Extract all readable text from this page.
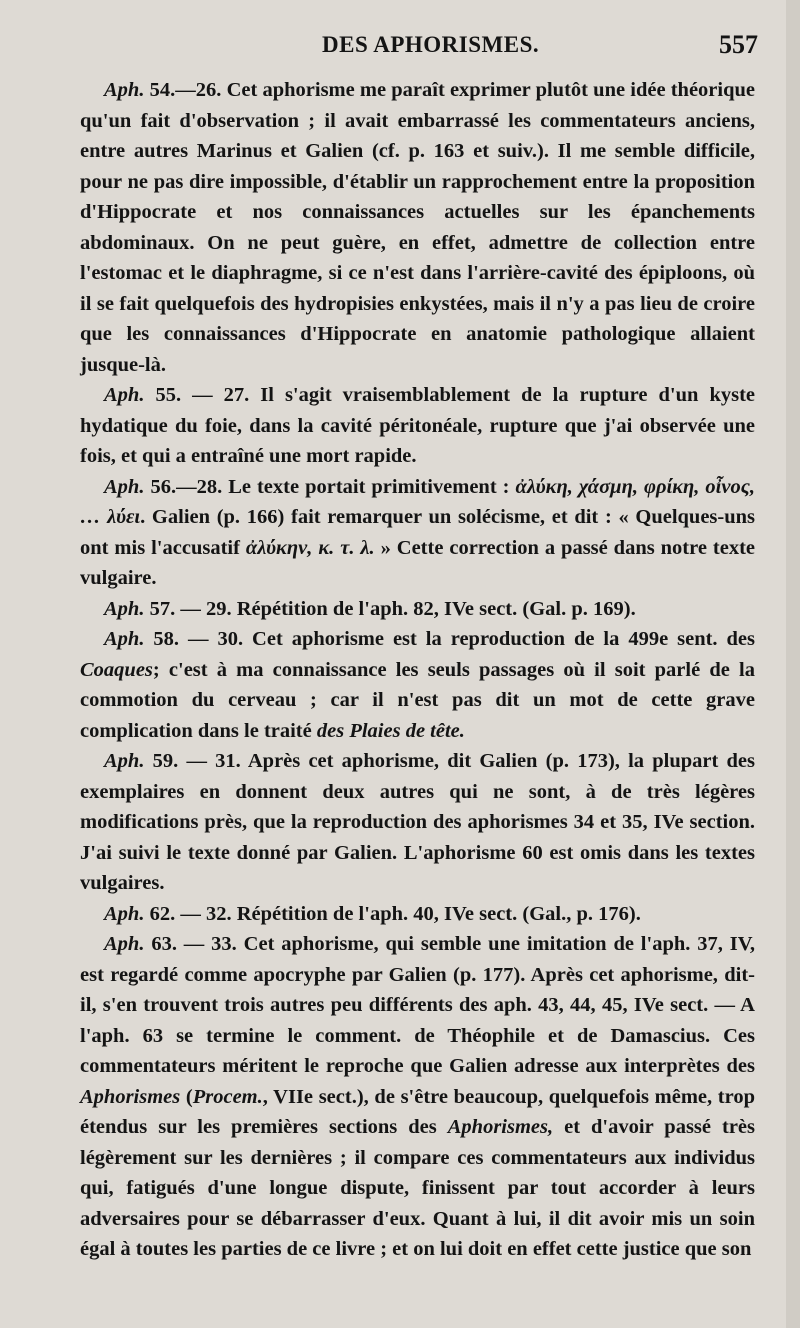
DES APHORISMES.	557

Aph. 54.—26. Cet aphorisme me paraît exprimer plutôt une idée théorique qu'un fait d'observation ; il avait embarrassé les commentateurs anciens, entre autres Marinus et Galien (cf. p. 163 et suiv.). Il me semble difficile, pour ne pas dire impossible, d'établir un rapprochement entre la proposition d'Hippocrate et nos connaissances actuelles sur les épanchements abdominaux. On ne peut guère, en effet, admettre de collection entre l'estomac et le diaphragme, si ce n'est dans l'arrière-cavité des épiploons, où il se fait quelquefois des hydropisies enkystées, mais il n'y a pas lieu de croire que les connaissances d'Hippocrate en anatomie pathologique allaient jusque-là.

Aph. 55. — 27. Il s'agit vraisemblablement de la rupture d'un kyste hydatique du foie, dans la cavité péritonéale, rupture que j'ai observée une fois, et qui a entraîné une mort rapide.

Aph. 56.—28. Le texte portait primitivement : ἀλύκη, χάσμη, φρίκη, οἶνος, … λύει. Galien (p. 166) fait remarquer un solécisme, et dit : « Quelques-uns ont mis l'accusatif ἀλύκην, κ. τ. λ. » Cette correction a passé dans notre texte vulgaire.

Aph. 57. — 29. Répétition de l'aph. 82, IVe sect. (Gal. p. 169).

Aph. 58. — 30. Cet aphorisme est la reproduction de la 499e sent. des Coaques; c'est à ma connaissance les seuls passages où il soit parlé de la commotion du cerveau ; car il n'est pas dit un mot de cette grave complication dans le traité des Plaies de tête.

Aph. 59. — 31. Après cet aphorisme, dit Galien (p. 173), la plupart des exemplaires en donnent deux autres qui ne sont, à de très légères modifications près, que la reproduction des aphorismes 34 et 35, IVe section. J'ai suivi le texte donné par Galien. L'aphorisme 60 est omis dans les textes vulgaires.

Aph. 62. — 32. Répétition de l'aph. 40, IVe sect. (Gal., p. 176).

Aph. 63. — 33. Cet aphorisme, qui semble une imitation de l'aph. 37, IV, est regardé comme apocryphe par Galien (p. 177). Après cet aphorisme, dit-il, s'en trouvent trois autres peu différents des aph. 43, 44, 45, IVe sect. — A l'aph. 63 se termine le comment. de Théophile et de Damascius. Ces commentateurs méritent le reproche que Galien adresse aux interprètes des Aphorismes (Procem., VIIe sect.), de s'être beaucoup, quelquefois même, trop étendus sur les premières sections des Aphorismes, et d'avoir passé très légèrement sur les dernières ; il compare ces commentateurs aux individus qui, fatigués d'une longue dispute, finissent par tout accorder à leurs adversaires pour se débarrasser d'eux. Quant à lui, il dit avoir mis un soin égal à toutes les parties de ce livre ; et on lui doit en effet cette justice que son
